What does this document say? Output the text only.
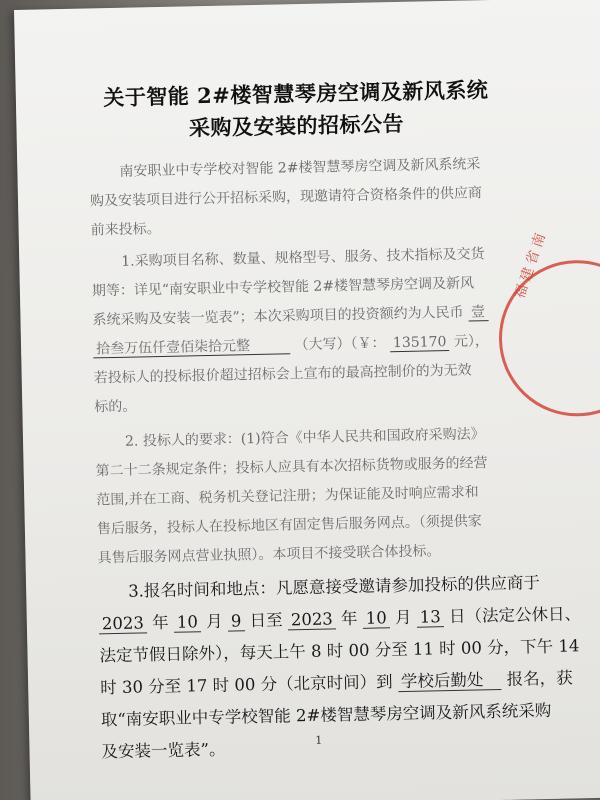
关于智能 2#楼智慧琴房空调及新风系统
采购及安装的招标公告
南安职业中专学校对智能 2#楼智慧琴房空调及新风系统采
购及安装项目进行公开招标采购，现邀请符合资格条件的供应商
前来投标。
1.采购项目名称、数量、规格型号、服务、技术指标及交货
期等：详见“南安职业中专学校智能 2#楼智慧琴房空调及新风
系统采购及安装一览表”；本次采购项目的投资额约为人民币 壹
拾叁万伍仟壹佰柒拾元整	（大写）（￥： 135170 元），
若投标人的投标报价超过招标会上宣布的最高控制价的为无效
标的。
2. 投标人的要求：(1)符合《中华人民共和国政府采购法》
第二十二条规定条件；投标人应具有本次招标货物或服务的经营
范围,并在工商、税务机关登记注册；为保证能及时响应需求和
售后服务，投标人在投标地区有固定售后服务网点。（须提供家
具售后服务网点营业执照）。本项目不接受联合体投标。
3.报名时间和地点：凡愿意接受邀请参加投标的供应商于
2023 年 10 月 9 日至 2023 年 10 月 13 日（法定公休日、
法定节假日除外），每天上午 8 时 00 分至 11 时 00 分，下午 14
时 30 分至 17 时 00 分（北京时间）到 学校后勤处 报名，获
取“南安职业中专学校智能 2#楼智慧琴房空调及新风系统采购
及安装一览表”。	1
福建省南
